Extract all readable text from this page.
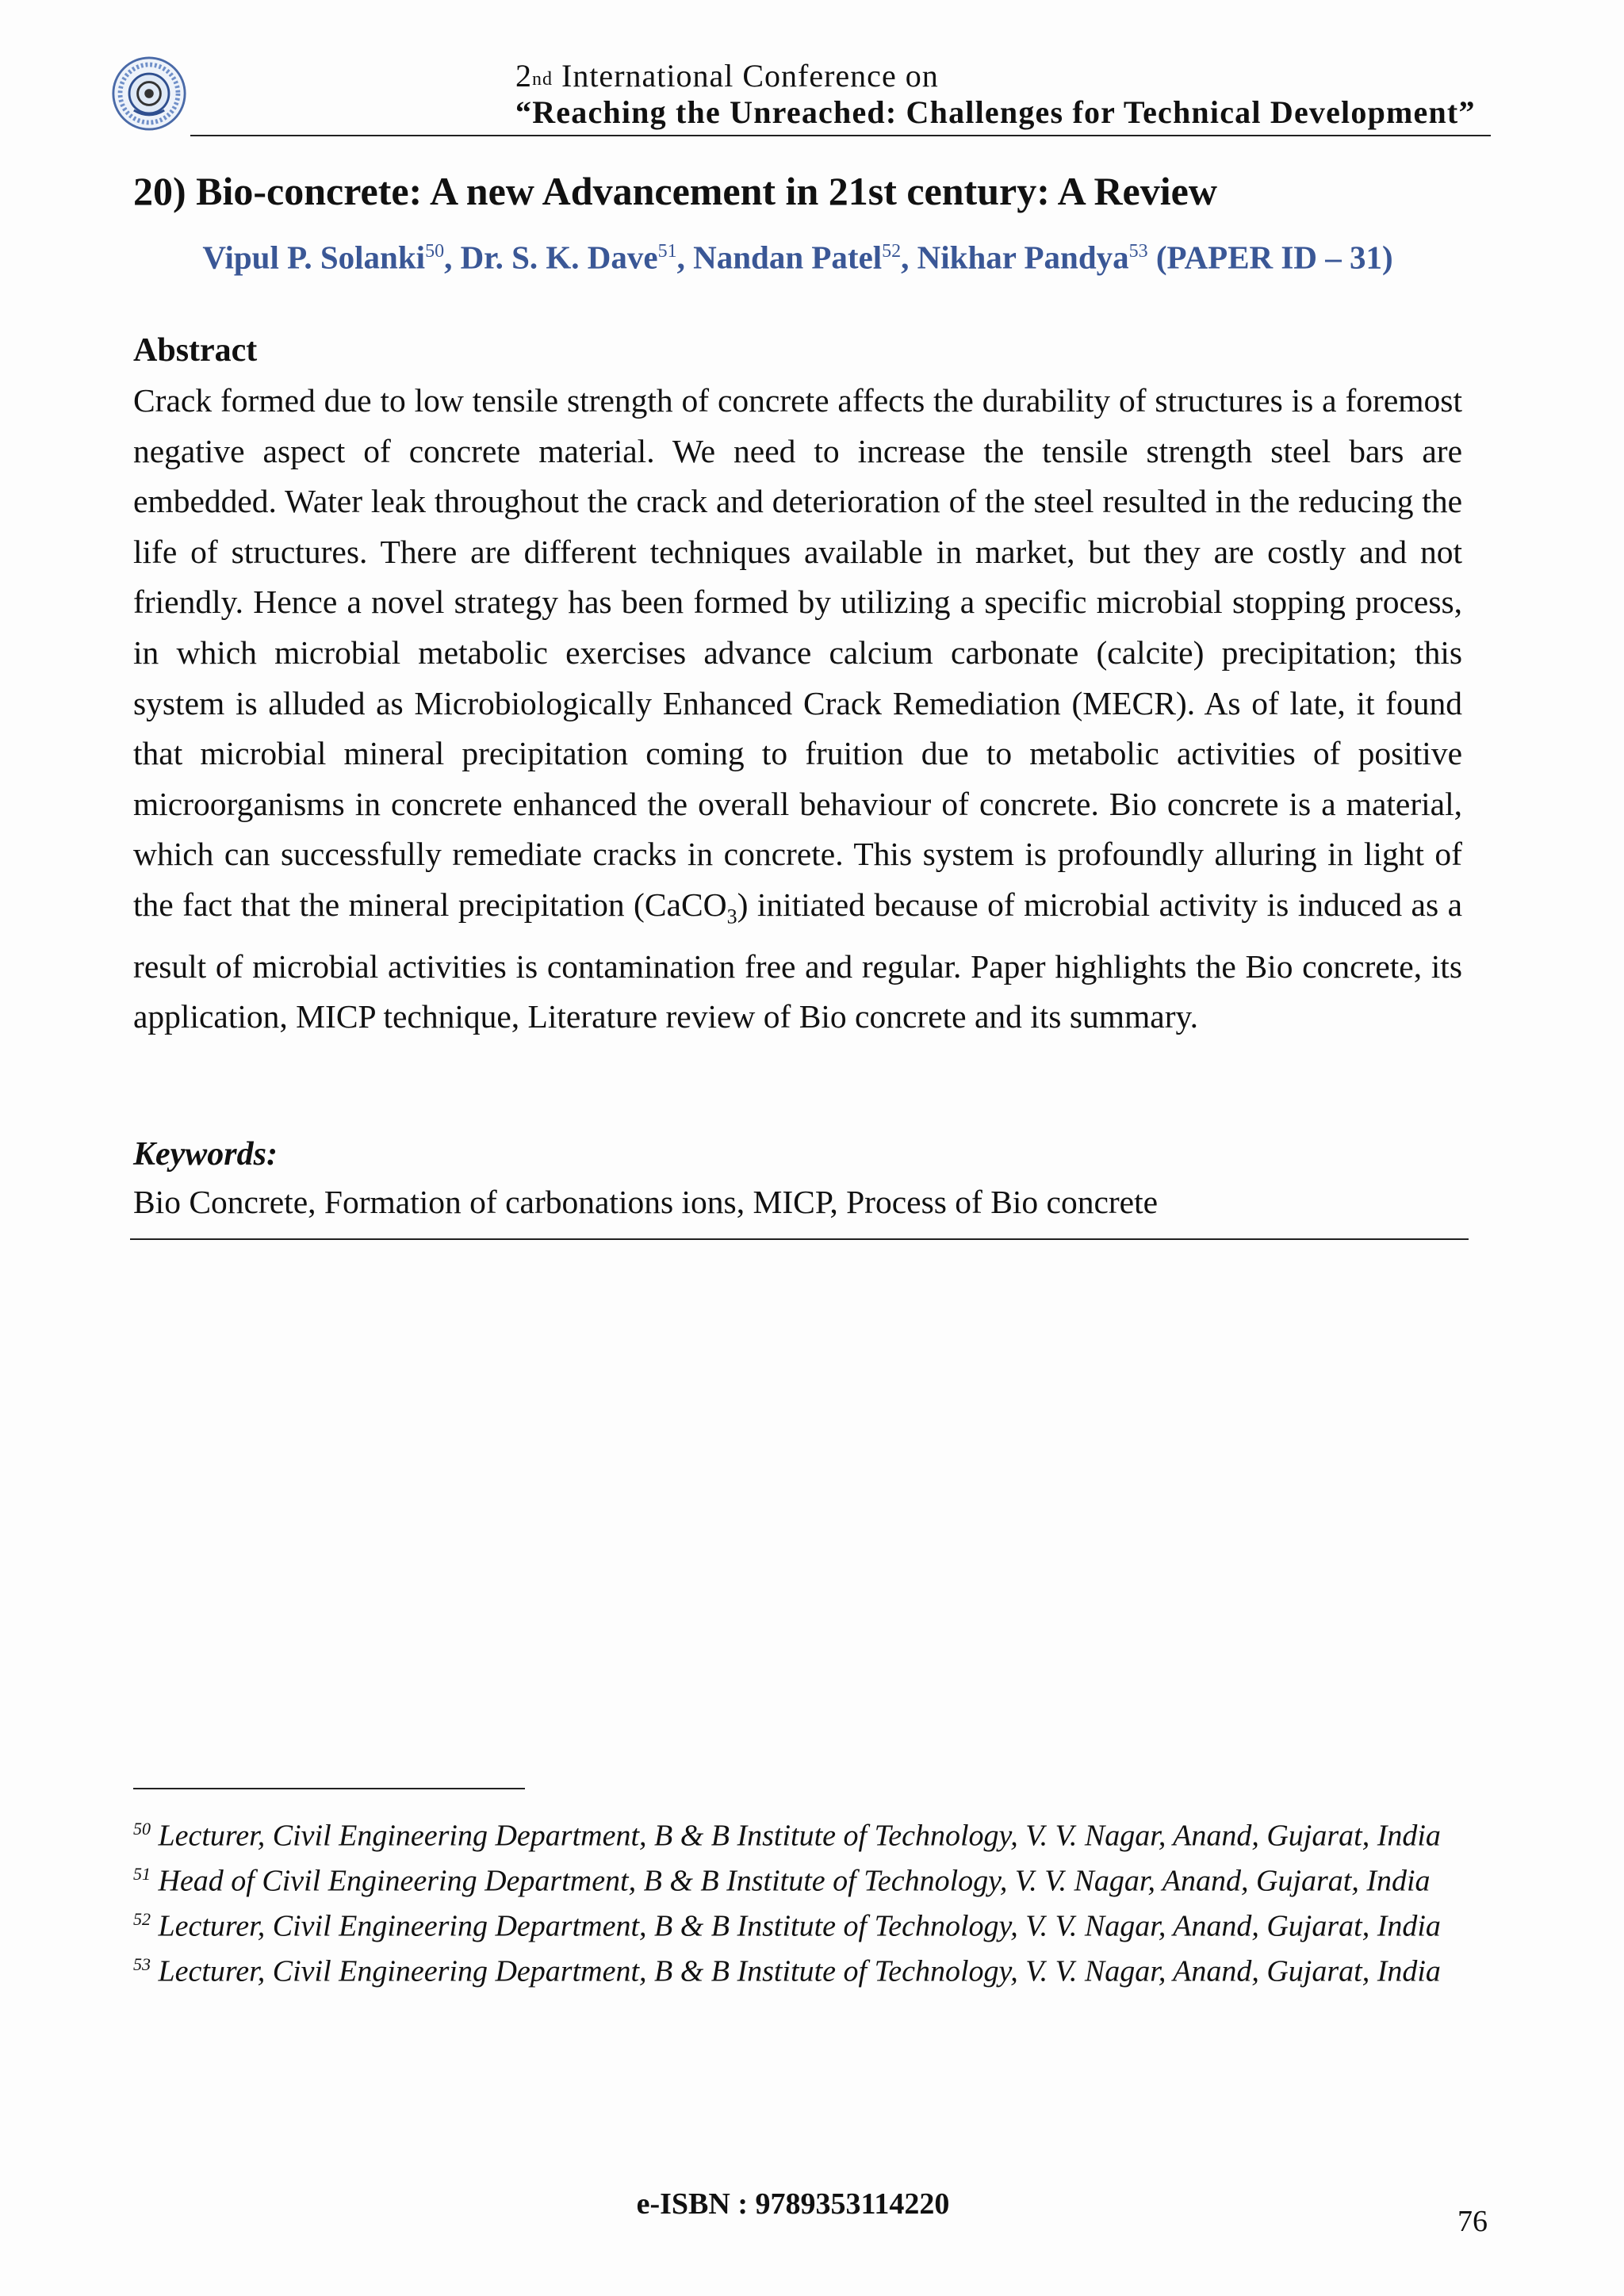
$2_{nd}$ International Conference on
“Reaching the Unreached: Challenges for Technical Development”
20) Bio-concrete: A new Advancement in 21st century: A Review
Vipul P. Solanki$^{50}$, Dr. S. K. Dave$^{51}$, Nandan Patel$^{52}$, Nikhar Pandya$^{53}$ (PAPER ID – 31)
Abstract
Crack formed due to low tensile strength of concrete affects the durability of structures is a foremost negative aspect of concrete material. We need to increase the tensile strength steel bars are embedded. Water leak throughout the crack and deterioration of the steel resulted in the reducing the life of structures. There are different techniques available in market, but they are costly and not friendly. Hence a novel strategy has been formed by utilizing a specific microbial stopping process, in which microbial metabolic exercises advance calcium carbonate (calcite) precipitation; this system is alluded as Microbiologically Enhanced Crack Remediation (MECR). As of late, it found that microbial mineral precipitation coming to fruition due to metabolic activities of positive microorganisms in concrete enhanced the overall behaviour of concrete. Bio concrete is a material, which can successfully remediate cracks in concrete. This system is profoundly alluring in light of the fact that the mineral precipitation (CaCO$_3$) initiated because of microbial activity is induced as a result of microbial activities is contamination free and regular. Paper highlights the Bio concrete, its application, MICP technique, Literature review of Bio concrete and its summary.
Keywords:
Bio Concrete, Formation of carbonations ions, MICP, Process of Bio concrete
$^{50}$ Lecturer, Civil Engineering Department, B & B Institute of Technology, V. V. Nagar, Anand, Gujarat, India
$^{51}$ Head of Civil Engineering Department, B & B Institute of Technology, V. V. Nagar, Anand, Gujarat, India
$^{52}$ Lecturer, Civil Engineering Department, B & B Institute of Technology, V. V. Nagar, Anand, Gujarat, India
$^{53}$ Lecturer, Civil Engineering Department, B & B Institute of Technology, V. V. Nagar, Anand, Gujarat, India
e-ISBN : 9789353114220
76
